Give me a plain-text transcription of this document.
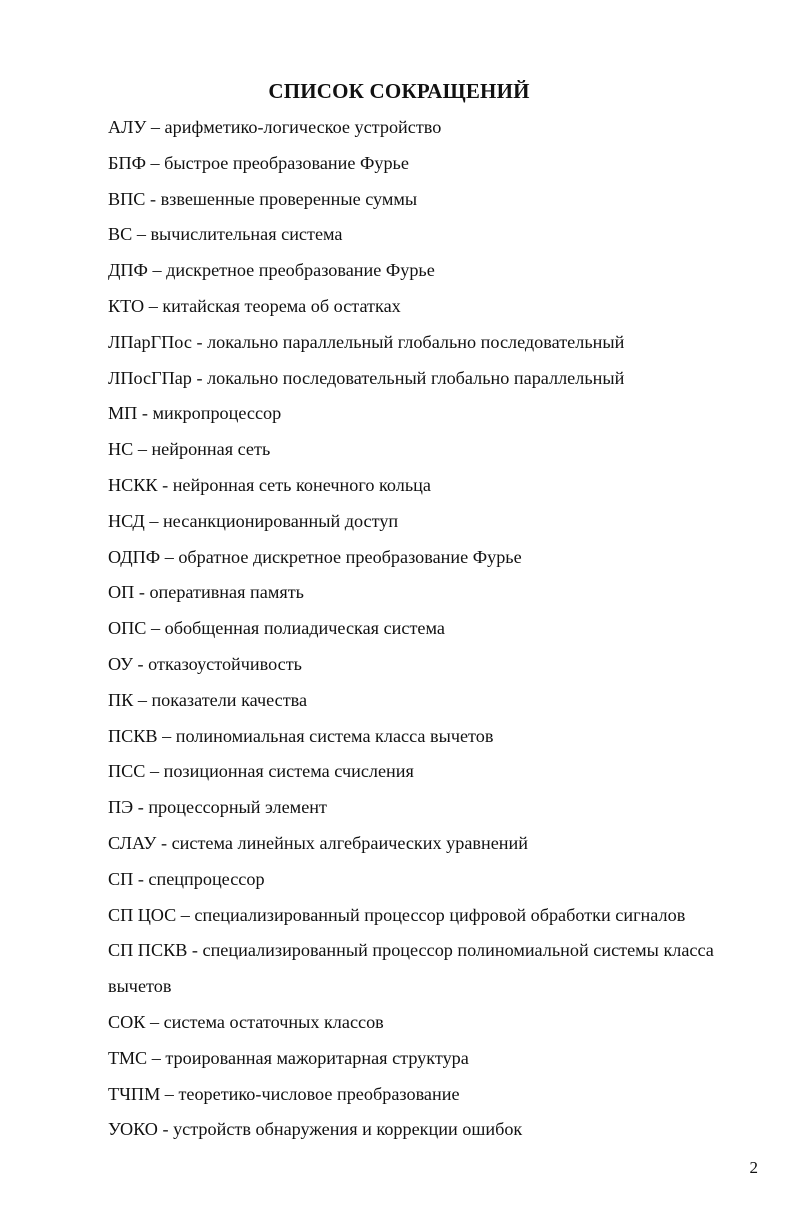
СПИСОК СОКРАЩЕНИЙ
АЛУ – арифметико-логическое устройство
БПФ – быстрое преобразование Фурье
ВПС - взвешенные проверенные суммы
ВС – вычислительная система
ДПФ – дискретное преобразование Фурье
КТО – китайская теорема об остатках
ЛПарГПос - локально параллельный глобально последовательный
ЛПосГПар - локально последовательный глобально параллельный
МП - микропроцессор
НС – нейронная сеть
НСКК - нейронная сеть конечного кольца
НСД – несанкционированный доступ
ОДПФ – обратное дискретное преобразование Фурье
ОП - оперативная память
ОПС – обобщенная полиадическая система
ОУ - отказоустойчивость
ПК – показатели качества
ПСКВ – полиномиальная система класса вычетов
ПСС – позиционная система счисления
ПЭ - процессорный элемент
СЛАУ - система линейных алгебраических уравнений
СП - спецпроцессор
СП ЦОС – специализированный процессор цифровой обработки сигналов
СП ПСКВ - специализированный процессор полиномиальной системы класса вычетов
СОК – система остаточных классов
ТМС – троированная мажоритарная структура
ТЧПМ – теоретико-числовое преобразование
УОКО - устройств обнаружения и коррекции ошибок
2
